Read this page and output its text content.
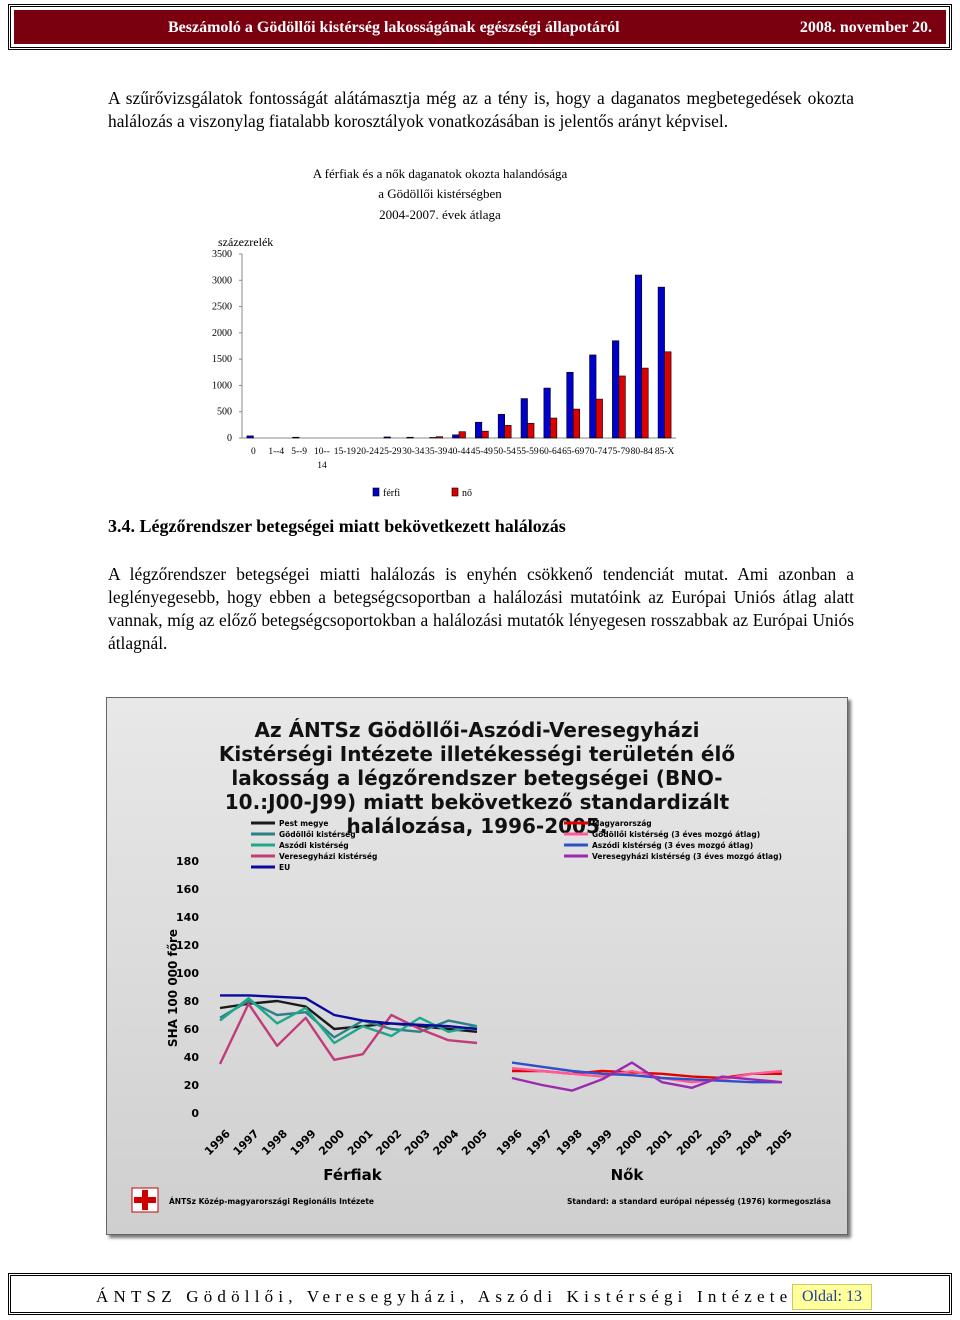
Beszámoló a Gödöllői kistérség lakosságának egészségi állapotáról	2008. november 20.

A szűrővizsgálatok fontosságát alátámasztja még az a tény is, hogy a daganatos megbetegedések okozta halálozás a viszonylag fiatalabb korosztályok vonatkozásában is jelentős arányt képvisel.

A férfiak és a nők daganatok okozta halandósága
a Gödöllői kistérségben
2004-2007. évek átlaga
százezrelék
0
500
1000
1500
2000
2500
3000
3500
0 1--4 5--9 10--
14
15-19 20-24 25-29 30-34 35-39 40-44 45-49 50-54 55-59 60-64 65-69 70-74 75-79 80-84 85-X
férfi	nő
3.4. Légzőrendszer betegségei miatt bekövetkezett halálozás

A légzőrendszer betegségei miatti halálozás is enyhén csökkenő tendenciát mutat. Ami azonban a leglényegesebb, hogy ebben a betegségcsoportban a halálozási mutatóink az Európai Uniós átlag alatt vannak, míg az előző betegségcsoportokban a halálozási mutatók lényegesen rosszabbak az Európai Uniós átlagnál.

Az ÁNTSz Gödöllői-Aszódi-Veresegyházi Kistérségi Intézete illetékességi területén élő lakosság a légzőrendszer betegségei (BNO-10.:J00-J99) miatt bekövetkező standardizált halálozása, 1996-2005.
SHA 100 000 főre
0
20
40
60
80
100
120
140
160
180
Pest megye
Gödöllői kistérség
Aszódi kistérség
Veresegyházi kistérség
EU
Magyarország
Gödöllői kistérség (3 éves mozgó átlag)
Aszódi kistérség (3 éves mozgó átlag)
Veresegyházi kistérség (3 éves mozgó átlag)
1996
1997
1998
1999
2000
2001
2002
2003
2004
2005
Férfiak
1996 1997 1998 1999 2000 2001 2002 2003 2004 2005
Nők
ÁNTSz Közép-magyarországi Regionális Intézete	Standard: a standard európai népesség (1976) kormegoszlása
ÁNTSZ Gödöllői, Veresegyházi, Aszódi Kistérségi Intézete Oldal: 13
